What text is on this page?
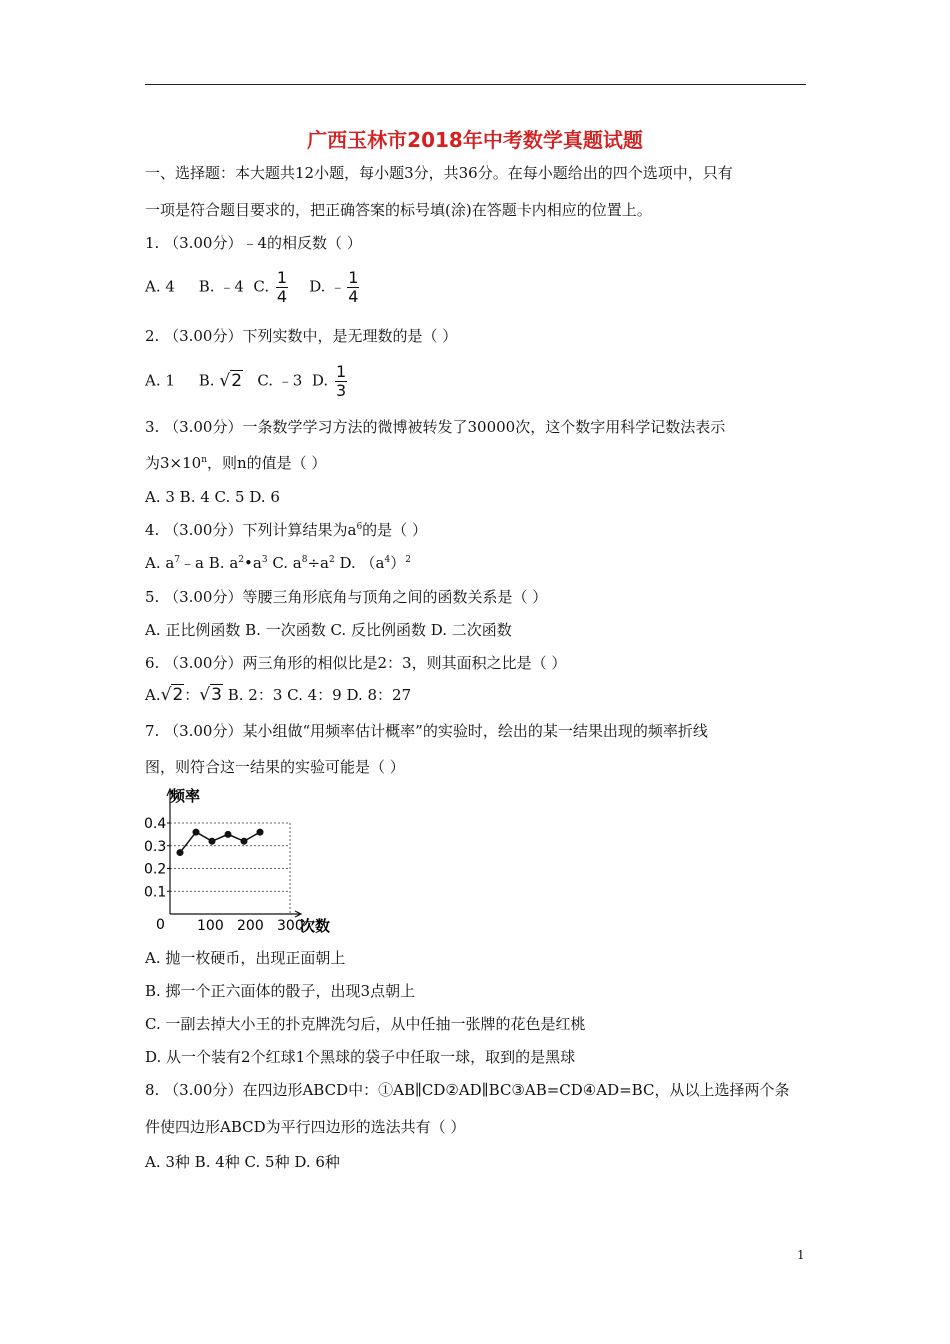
广西玉林市2018年中考数学真题试题
一、选择题：本大题共12小题，每小题3分，共36分。在每小题给出的四个选项中，只有
一项是符合题目要求的，把正确答案的标号填(涂)在答题卡内相应的位置上。
1. （3.00分）﹣4的相反数（ ）
A. 4 B. ﹣4 C. $\frac{1}{4} D$. ﹣ $\frac{1}{4}$
2. （3.00分）下列实数中，是无理数的是（ ）
A. 1 B. √2 C. ﹣3 D. $\frac{1}{3}$
3. （3.00分）一条数学学习方法的微博被转发了30000次，这个数字用科学记数法表示
为$3\times 10^n$，则n的值是（ ）
A. 3 B. 4 C. 5 D. 6
4. （3.00分）下列计算结果为$a^6$的是（ ）
A. $a^7﹣a$ B. $a^2•a^3$ C. $a^8\div a^2$ D. $(a^4)^2$
5. （3.00分）等腰三角形底角与顶角之间的函数关系是（ ）
A. 正比例函数 B. 一次函数 C. 反比例函数 D. 二次函数
6. （3.00分）两三角形的相似比是2：3，则其面积之比是（ ）
A.√2：√3 B. 2：3 C. 4：9 D. 8：27
7. （3.00分）某小组做“用频率估计概率”的实验时，绘出的某一结果出现的频率折线
图，则符合这一结果的实验可能是（ ）
0
0.1
0.2
0.3
0.4
100 200 300
频率
次数
A. 抛一枚硬币，出现正面朝上
B. 掷一个正六面体的骰子，出现3点朝上
C. 一副去掉大小王的扑克牌洗匀后，从中任抽一张牌的花色是红桃
D. 从一个装有2个红球1个黑球的袋子中任取一球，取到的是黑球
8. （3.00分）在四边形ABCD中：①AB∥CD②AD∥BC③AB=CD④AD=BC，从以上选择两个条
件使四边形ABCD为平行四边形的选法共有（ ）
A. 3种 B. 4种 C. 5种 D. 6种
1
